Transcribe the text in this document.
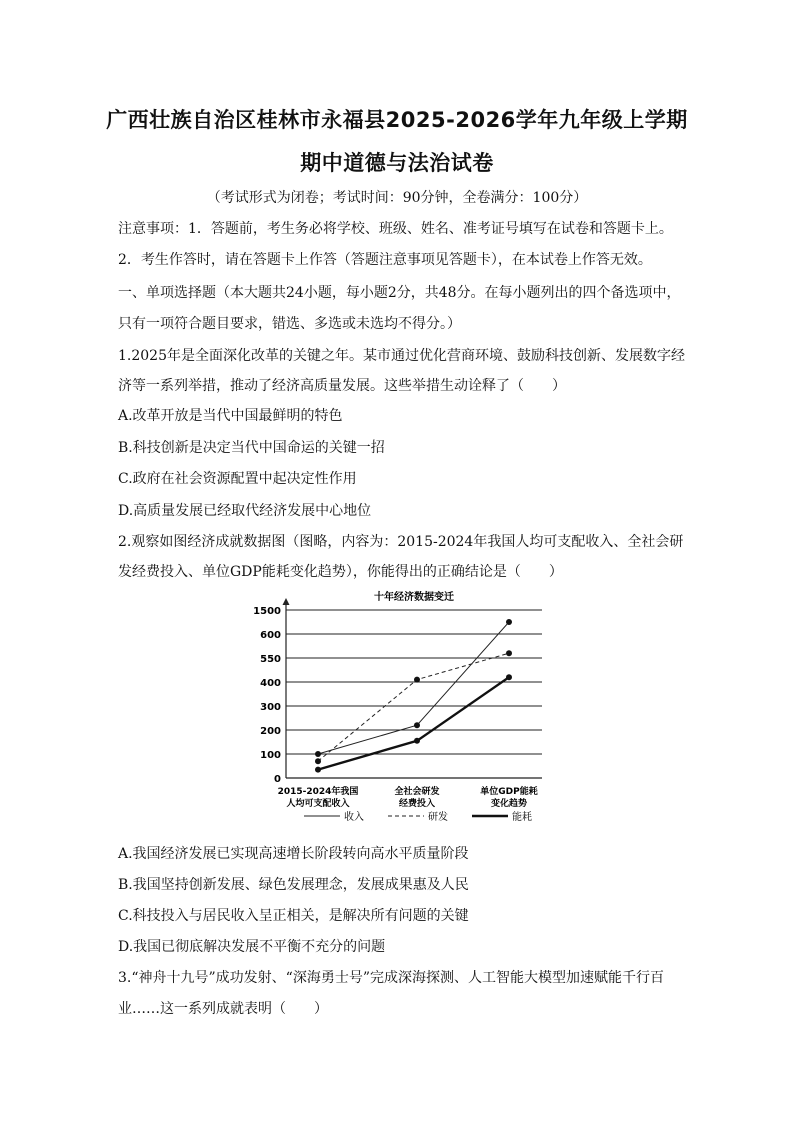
广西壮族自治区桂林市永福县2025-2026学年九年级上学期
期中道德与法治试卷
（考试形式为闭卷；考试时间：90分钟，全卷满分：100分）
注意事项：1．答题前，考生务必将学校、班级、姓名、准考证号填写在试卷和答题卡上。
2．考生作答时，请在答题卡上作答（答题注意事项见答题卡），在本试卷上作答无效。
一、单项选择题（本大题共24小题，每小题2分，共48分。在每小题列出的四个备选项中，
只有一项符合题目要求，错选、多选或未选均不得分。）
1.2025年是全面深化改革的关键之年。某市通过优化营商环境、鼓励科技创新、发展数字经
济等一系列举措，推动了经济高质量发展。这些举措生动诠释了（　　）
A.改革开放是当代中国最鲜明的特色
B.科技创新是决定当代中国命运的关键一招
C.政府在社会资源配置中起决定性作用
D.高质量发展已经取代经济发展中心地位
2.观察如图经济成就数据图（图略，内容为：2015-2024年我国人均可支配收入、全社会研
发经费投入、单位GDP能耗变化趋势），你能得出的正确结论是（　　）
十年经济数据变迁
0
100
200
300
400
550
600
1500
2015-2024年我国
人均可支配收入
全社会研发
经费投入
单位GDP能耗
变化趋势
收入	研发	能耗
A.我国经济发展已实现高速增长阶段转向高水平质量阶段
B.我国坚持创新发展、绿色发展理念，发展成果惠及人民
C.科技投入与居民收入呈正相关，是解决所有问题的关键
D.我国已彻底解决发展不平衡不充分的问题
3.“神舟十九号”成功发射、“深海勇士号”完成深海探测、人工智能大模型加速赋能千行百
业……这一系列成就表明（　　）
